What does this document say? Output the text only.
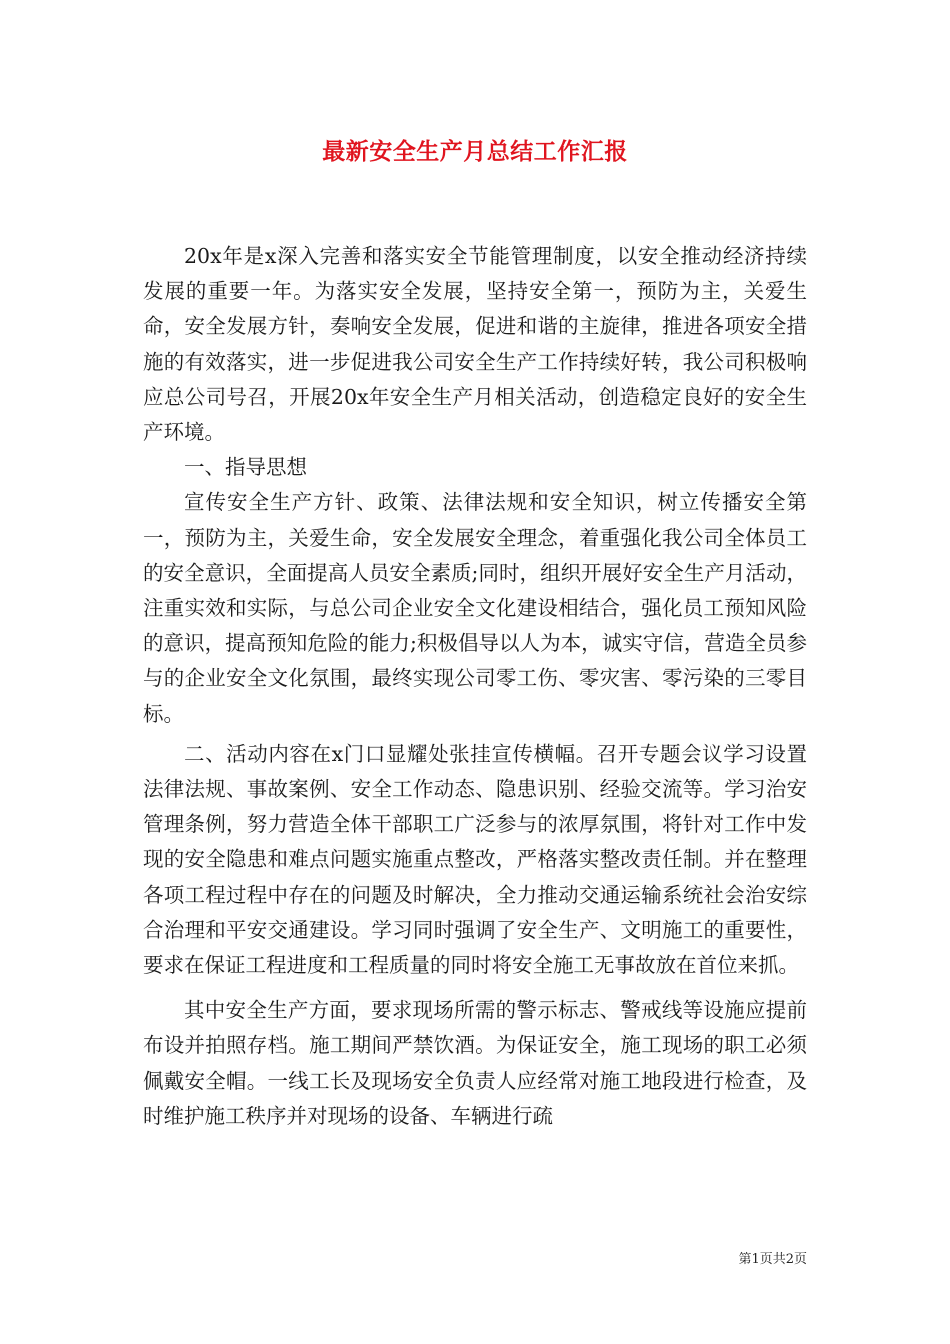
最新安全生产月总结工作汇报

20x年是x深入完善和落实安全节能管理制度，以安全推动经济持续发展的重要一年。为落实安全发展，坚持安全第一，预防为主，关爱生命，安全发展方针，奏响安全发展，促进和谐的主旋律，推进各项安全措施的有效落实，进一步促进我公司安全生产工作持续好转，我公司积极响应总公司号召，开展20x年安全生产月相关活动，创造稳定良好的安全生产环境。

一、指导思想

宣传安全生产方针、政策、法律法规和安全知识，树立传播安全第一，预防为主，关爱生命，安全发展安全理念，着重强化我公司全体员工的安全意识，全面提高人员安全素质;同时，组织开展好安全生产月活动，注重实效和实际，与总公司企业安全文化建设相结合，强化员工预知风险的意识，提高预知危险的能力;积极倡导以人为本，诚实守信，营造全员参与的企业安全文化氛围，最终实现公司零工伤、零灾害、零污染的三零目标。

二、活动内容在x门口显耀处张挂宣传横幅。召开专题会议学习设置法律法规、事故案例、安全工作动态、隐患识别、经验交流等。学习治安管理条例，努力营造全体干部职工广泛参与的浓厚氛围，将针对工作中发现的安全隐患和难点问题实施重点整改，严格落实整改责任制。并在整理各项工程过程中存在的问题及时解决，全力推动交通运输系统社会治安综合治理和平安交通建设。学习同时强调了安全生产、文明施工的重要性，要求在保证工程进度和工程质量的同时将安全施工无事故放在首位来抓。

其中安全生产方面，要求现场所需的警示标志、警戒线等设施应提前布设并拍照存档。施工期间严禁饮酒。为保证安全，施工现场的职工必须佩戴安全帽。一线工长及现场安全负责人应经常对施工地段进行检查，及时维护施工秩序并对现场的设备、车辆进行疏

第1页共2页
